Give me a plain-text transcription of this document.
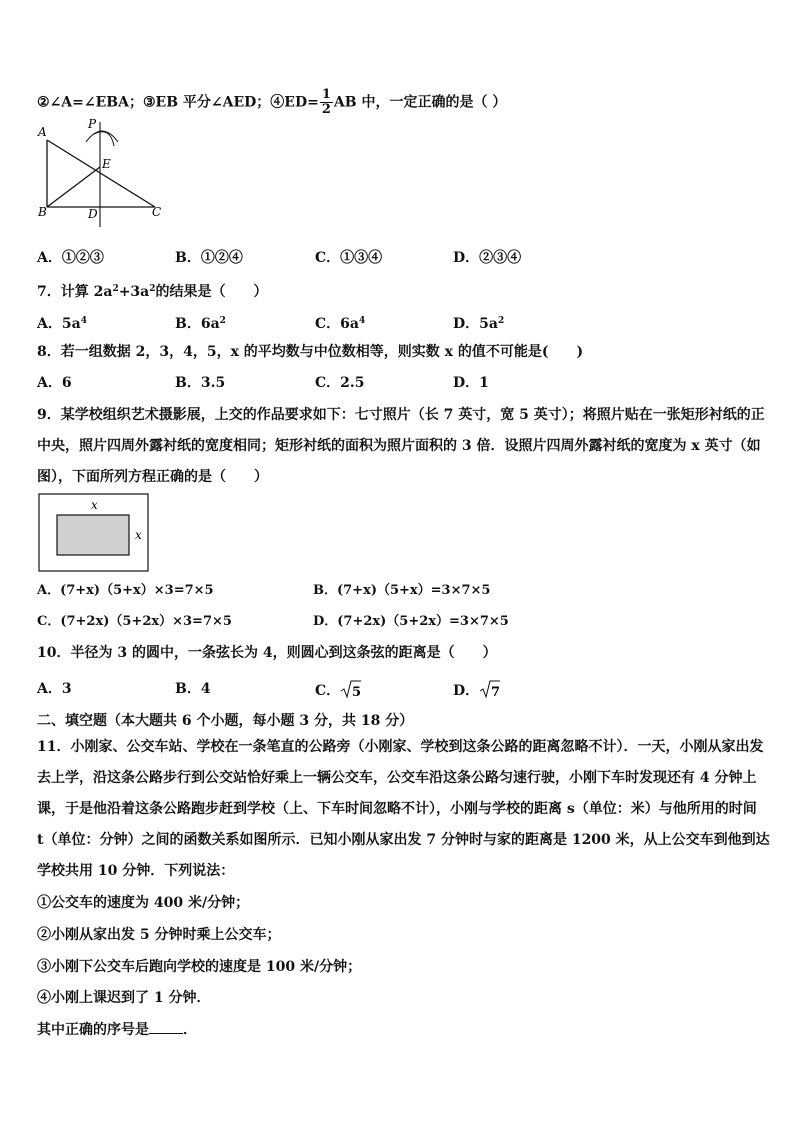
②∠A=∠EBA；③EB 平分∠AED；④ED= $\frac{1}{2}$ AB 中，一定正确的是（ ）
A
B	C
D
E
P
A．①②③	B．①②④	C．①③④	D．②③④
7．计算 $2a^2+3a^2$的结果是（　　）
A．$5a^4$	B．$6a^2$	C．$6a^4$	D．$5a^2$
8．若一组数据 2，3，4，5，x 的平均数与中位数相等，则实数 x 的值不可能是(　　)
A．6	B．3.5	C．2.5	D．1
9．某学校组织艺术摄影展，上交的作品要求如下：七寸照片（长 7 英寸，宽 5 英寸）；将照片贴在一张矩形衬纸的正
中央，照片四周外露衬纸的宽度相同；矩形衬纸的面积为照片面积的 3 倍．设照片四周外露衬纸的宽度为 x 英寸（如
图），下面所列方程正确的是（　　）
x
x
A．(7+x)（5+x）×3=7×5	B．(7+x)（5+x）=3×7×5
C．(7+2x)（5+2x）×3=7×5	D．(7+2x)（5+2x）=3×7×5
10．半径为 3 的圆中，一条弦长为 4，则圆心到这条弦的距离是（　　）
A．3	B．4	C． 5	D． 7
二、填空题（本大题共 6 个小题，每小题 3 分，共 18 分）
11．小刚家、公交车站、学校在一条笔直的公路旁（小刚家、学校到这条公路的距离忽略不计）．一天，小刚从家出发
去上学，沿这条公路步行到公交站恰好乘上一辆公交车，公交车沿这条公路匀速行驶，小刚下车时发现还有 4 分钟上
课，于是他沿着这条公路跑步赶到学校（上、下车时间忽略不计），小刚与学校的距离 s（单位：米）与他所用的时间
t（单位：分钟）之间的函数关系如图所示．已知小刚从家出发 7 分钟时与家的距离是 1200 米，从上公交车到他到达
学校共用 10 分钟．下列说法：
①公交车的速度为 400 米/分钟；
②小刚从家出发 5 分钟时乘上公交车；
③小刚下公交车后跑向学校的速度是 100 米/分钟；
④小刚上课迟到了 1 分钟．
其中正确的序号是 ．
